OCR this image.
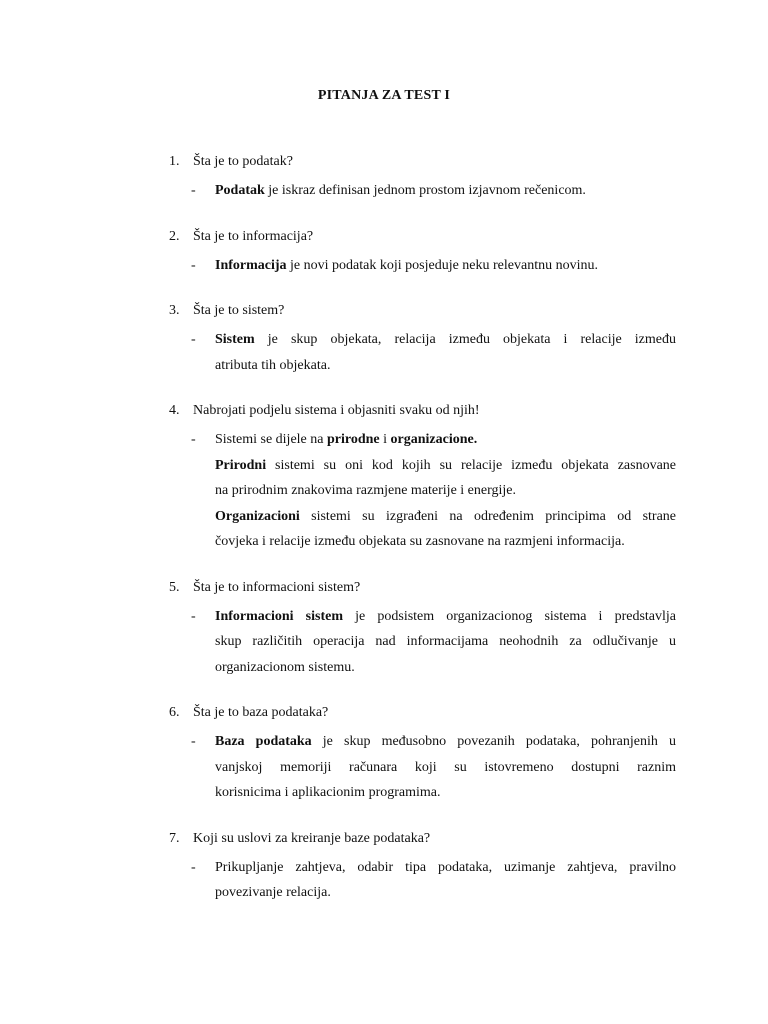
PITANJA ZA TEST I
1. Šta je to podatak?
- Podatak je iskraz definisan jednom prostom izjavnom rečenicom.

2. Šta je to informacija?
- Informacija je novi podatak koji posjeduje neku relevantnu novinu.

3. Šta je to sistem?
- Sistem je skup objekata, relacija između objekata i relacije između

atributa tih objekata.

4. Nabrojati podjelu sistema i objasniti svaku od njih!
- Sistemi se dijele na prirodne i organizacione.

Prirodni sistemi su oni kod kojih su relacije između objekata zasnovane

na prirodnim znakovima razmjene materije i energije.

Organizacioni sistemi su izgrađeni na određenim principima od strane

čovjeka i relacije između objekata su zasnovane na razmjeni informacija.

5. Šta je to informacioni sistem?
- Informacioni sistem je podsistem organizacionog sistema i predstavlja

skup različitih operacija nad informacijama neohodnih za odlučivanje u

organizacionom sistemu.

6. Šta je to baza podataka?
- Baza podataka je skup međusobno povezanih podataka, pohranjenih u

vanjskoj memoriji računara koji su istovremeno dostupni raznim

korisnicima i aplikacionim programima.

7. Koji su uslovi za kreiranje baze podataka?
- Prikupljanje zahtjeva, odabir tipa podataka, uzimanje zahtjeva, pravilno

povezivanje relacija.
